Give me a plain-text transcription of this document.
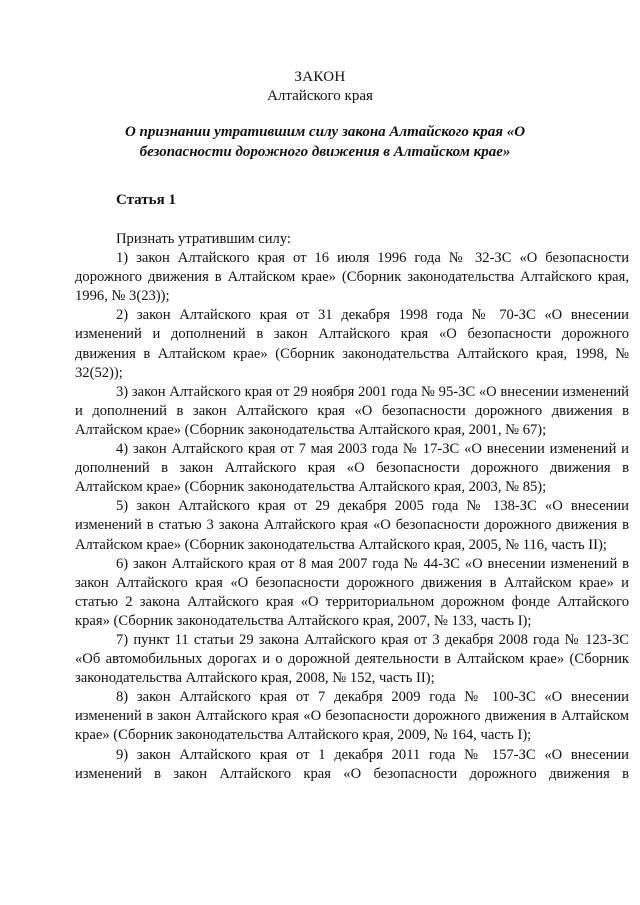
ЗАКОН
Алтайского края
О признании утратившим силу закона Алтайского края «О безопасности дорожного движения в Алтайском крае»
Статья 1

Признать утратившим силу:

1) закон Алтайского края от 16 июля 1996 года № 32-ЗС «О безопасности дорожного движения в Алтайском крае» (Сборник законодательства Алтайского края, 1996, № 3(23));

2) закон Алтайского края от 31 декабря 1998 года № 70-ЗС «О внесении изменений и дополнений в закон Алтайского края «О безопасности дорожного движения в Алтайском крае» (Сборник законодательства Алтайского края, 1998, № 32(52));

3) закон Алтайского края от 29 ноября 2001 года № 95-ЗС «О внесении изменений и дополнений в закон Алтайского края «О безопасности дорожного движения в Алтайском крае» (Сборник законодательства Алтайского края, 2001, № 67);

4) закон Алтайского края от 7 мая 2003 года № 17-ЗС «О внесении изменений и дополнений в закон Алтайского края «О безопасности дорожного движения в Алтайском крае» (Сборник законодательства Алтайского края, 2003, № 85);

5) закон Алтайского края от 29 декабря 2005 года № 138-ЗС «О внесении изменений в статью 3 закона Алтайского края «О безопасности дорожного движения в Алтайском крае» (Сборник законодательства Алтайского края, 2005, № 116, часть II);

6) закон Алтайского края от 8 мая 2007 года № 44-ЗС «О внесении изменений в закон Алтайского края «О безопасности дорожного движения в Алтайском крае» и статью 2 закона Алтайского края «О территориальном дорожном фонде Алтайского края» (Сборник законодательства Алтайского края, 2007, № 133, часть I);

7) пункт 11 статьи 29 закона Алтайского края от 3 декабря 2008 года № 123-ЗС «Об автомобильных дорогах и о дорожной деятельности в Алтайском крае» (Сборник законодательства Алтайского края, 2008, № 152, часть II);

8) закон Алтайского края от 7 декабря 2009 года № 100-ЗС «О внесении изменений в закон Алтайского края «О безопасности дорожного движения в Алтайском крае» (Сборник законодательства Алтайского края, 2009, № 164, часть I);

9) закон Алтайского края от 1 декабря 2011 года № 157-ЗС «О внесении изменений в закон Алтайского края «О безопасности дорожного движения в
